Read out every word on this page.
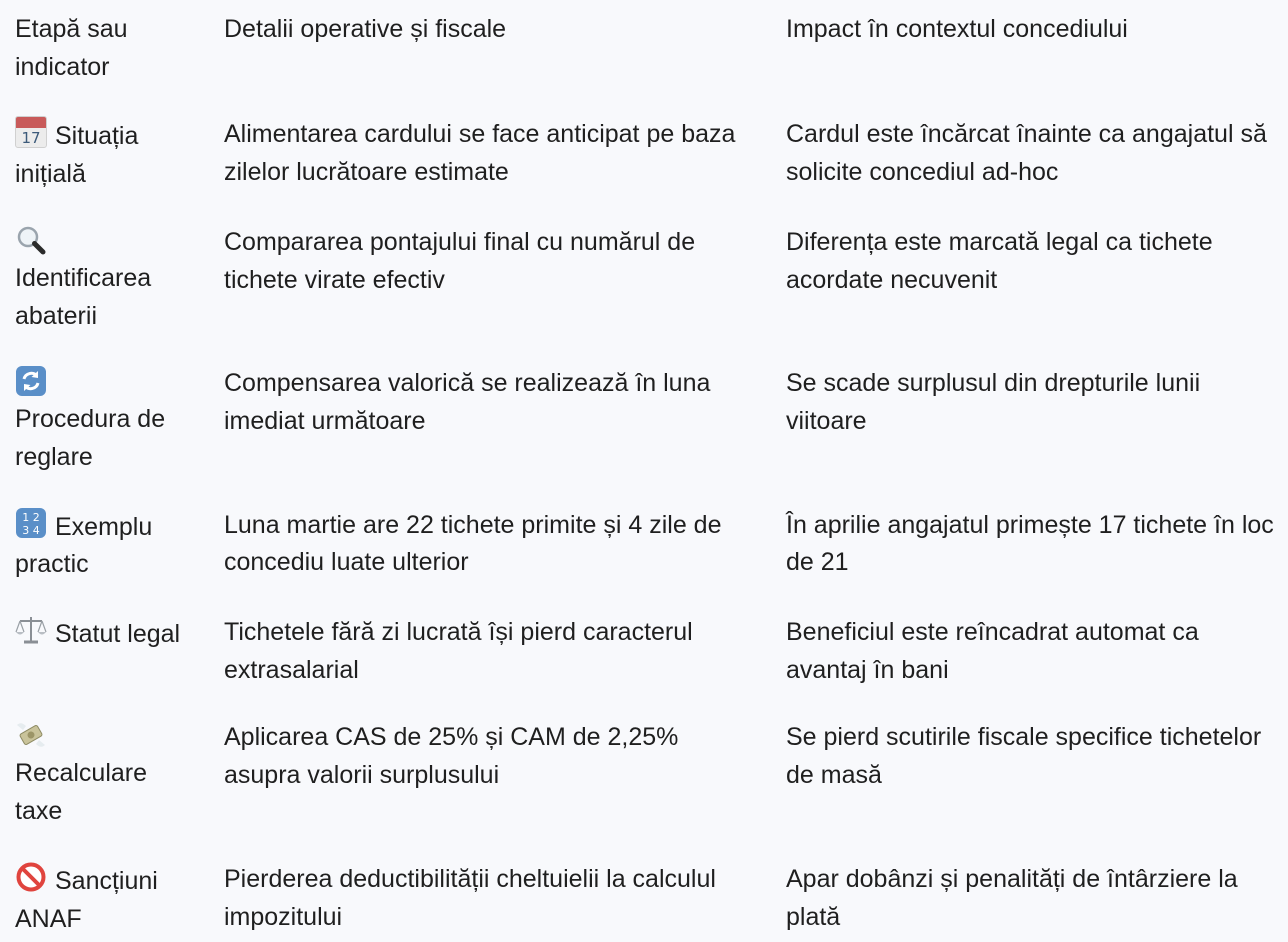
Etapă sau indicator
Detalii operative și fiscale	Impact în contextul concediului
17 Situația inițială
Alimentarea cardului se face anticipat pe baza zilelor lucrătoare estimate
Cardul este încărcat înainte ca angajatul să solicite concediul ad-hoc
Identificarea abaterii
Compararea pontajului final cu numărul de tichete virate efectiv
Diferența este marcată legal ca tichete acordate necuvenit
Procedura de reglare
Compensarea valorică se realizează în luna imediat următoare
Se scade surplusul din drepturile lunii viitoare
1 2
3 4 Exemplu practic
Luna martie are 22 tichete primite și 4 zile de concediu luate ulterior
În aprilie angajatul primește 17 tichete în loc de 21
Statut legal	Tichetele fără zi lucrată își pierd caracterul extrasalarial
Beneficiul este reîncadrat automat ca avantaj în bani
Recalculare taxe
Aplicarea CAS de 25% și CAM de 2,25% asupra valorii surplusului
Se pierd scutirile fiscale specifice tichetelor de masă
Sancțiuni ANAF
Pierderea deductibilității cheltuielii la calculul impozitului
Apar dobânzi și penalități de întârziere la plată
